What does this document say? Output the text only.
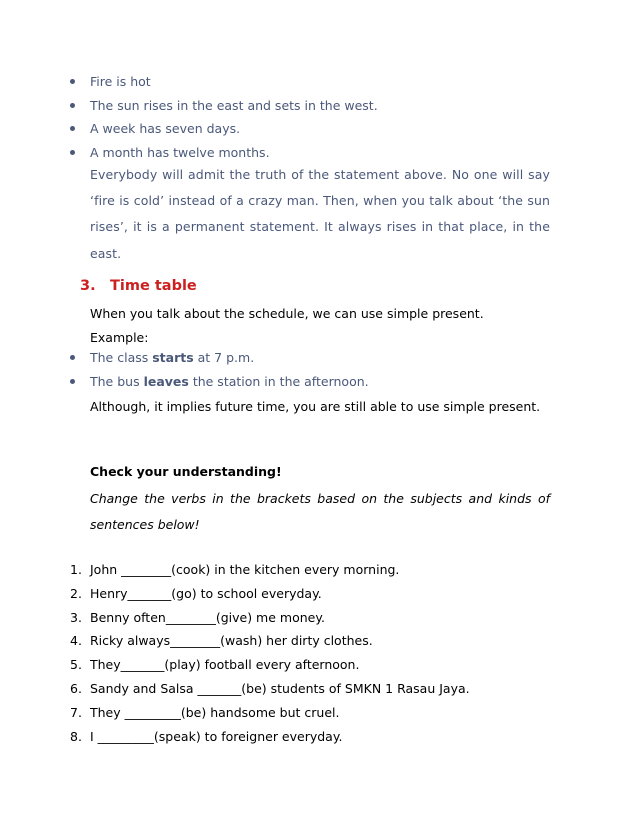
Fire is hot
The sun rises in the east and sets in the west.
A week has seven days.
A month has twelve months.
Everybody will admit the truth of the statement above. No one will say ‘fire is cold’ instead of a crazy man. Then, when you talk about ‘the sun rises’, it is a permanent statement. It always rises in that place, in the east.
3. Time table
When you talk about the schedule, we can use simple present.
Example:
The class starts at 7 p.m.
The bus leaves the station in the afternoon.
Although, it implies future time, you are still able to use simple present.
Check your understanding!
Change the verbs in the brackets based on the subjects and kinds of sentences below!
1. John ________(cook) in the kitchen every morning.
2. Henry_______(go) to school everyday.
3. Benny often________(give) me money.
4. Ricky always________(wash) her dirty clothes.
5. They_______(play) football every afternoon.
6. Sandy and Salsa _______(be) students of SMKN 1 Rasau Jaya.
7. They _________(be) handsome but cruel.
8. I _________(speak) to foreigner everyday.
